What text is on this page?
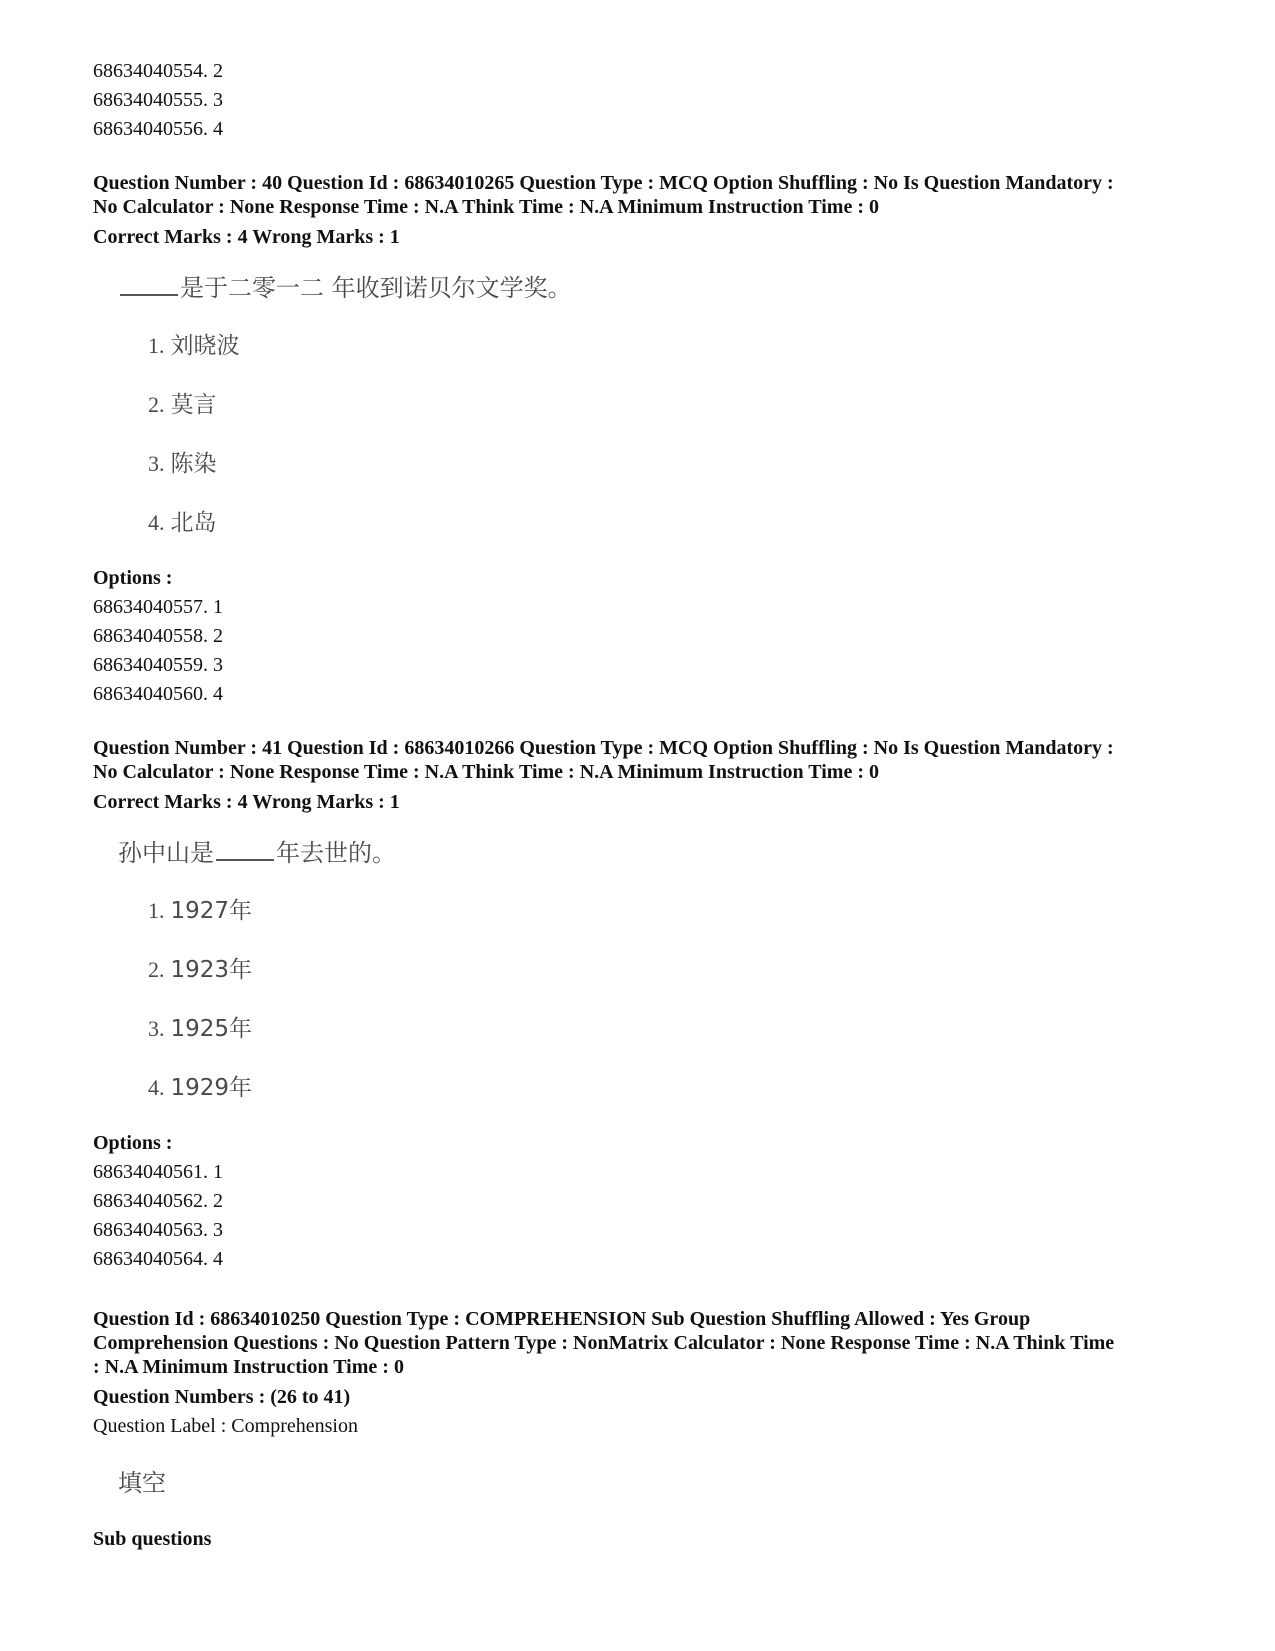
68634040554. 2

68634040555. 3

68634040556. 4

Question Number : 40 Question Id : 68634010265 Question Type : MCQ Option Shuffling : No Is Question Mandatory :

No Calculator : None Response Time : N.A Think Time : N.A Minimum Instruction Time : 0

Correct Marks : 4 Wrong Marks : 1

是于二零一二 年收到诺贝尔文学奖。
1. 刘晓波
2. 莫言
3. 陈染
4. 北岛

Options :

68634040557. 1

68634040558. 2

68634040559. 3

68634040560. 4

Question Number : 41 Question Id : 68634010266 Question Type : MCQ Option Shuffling : No Is Question Mandatory :

No Calculator : None Response Time : N.A Think Time : N.A Minimum Instruction Time : 0

Correct Marks : 4 Wrong Marks : 1

孙中山是	年去世的。
1. 1927年
2. 1923年
3. 1925年
4. 1929年

Options :

68634040561. 1

68634040562. 2

68634040563. 3

68634040564. 4

Question Id : 68634010250 Question Type : COMPREHENSION Sub Question Shuffling Allowed : Yes Group

Comprehension Questions : No Question Pattern Type : NonMatrix Calculator : None Response Time : N.A Think Time

: N.A Minimum Instruction Time : 0

Question Numbers : (26 to 41)

Question Label : Comprehension

填空

Sub questions
